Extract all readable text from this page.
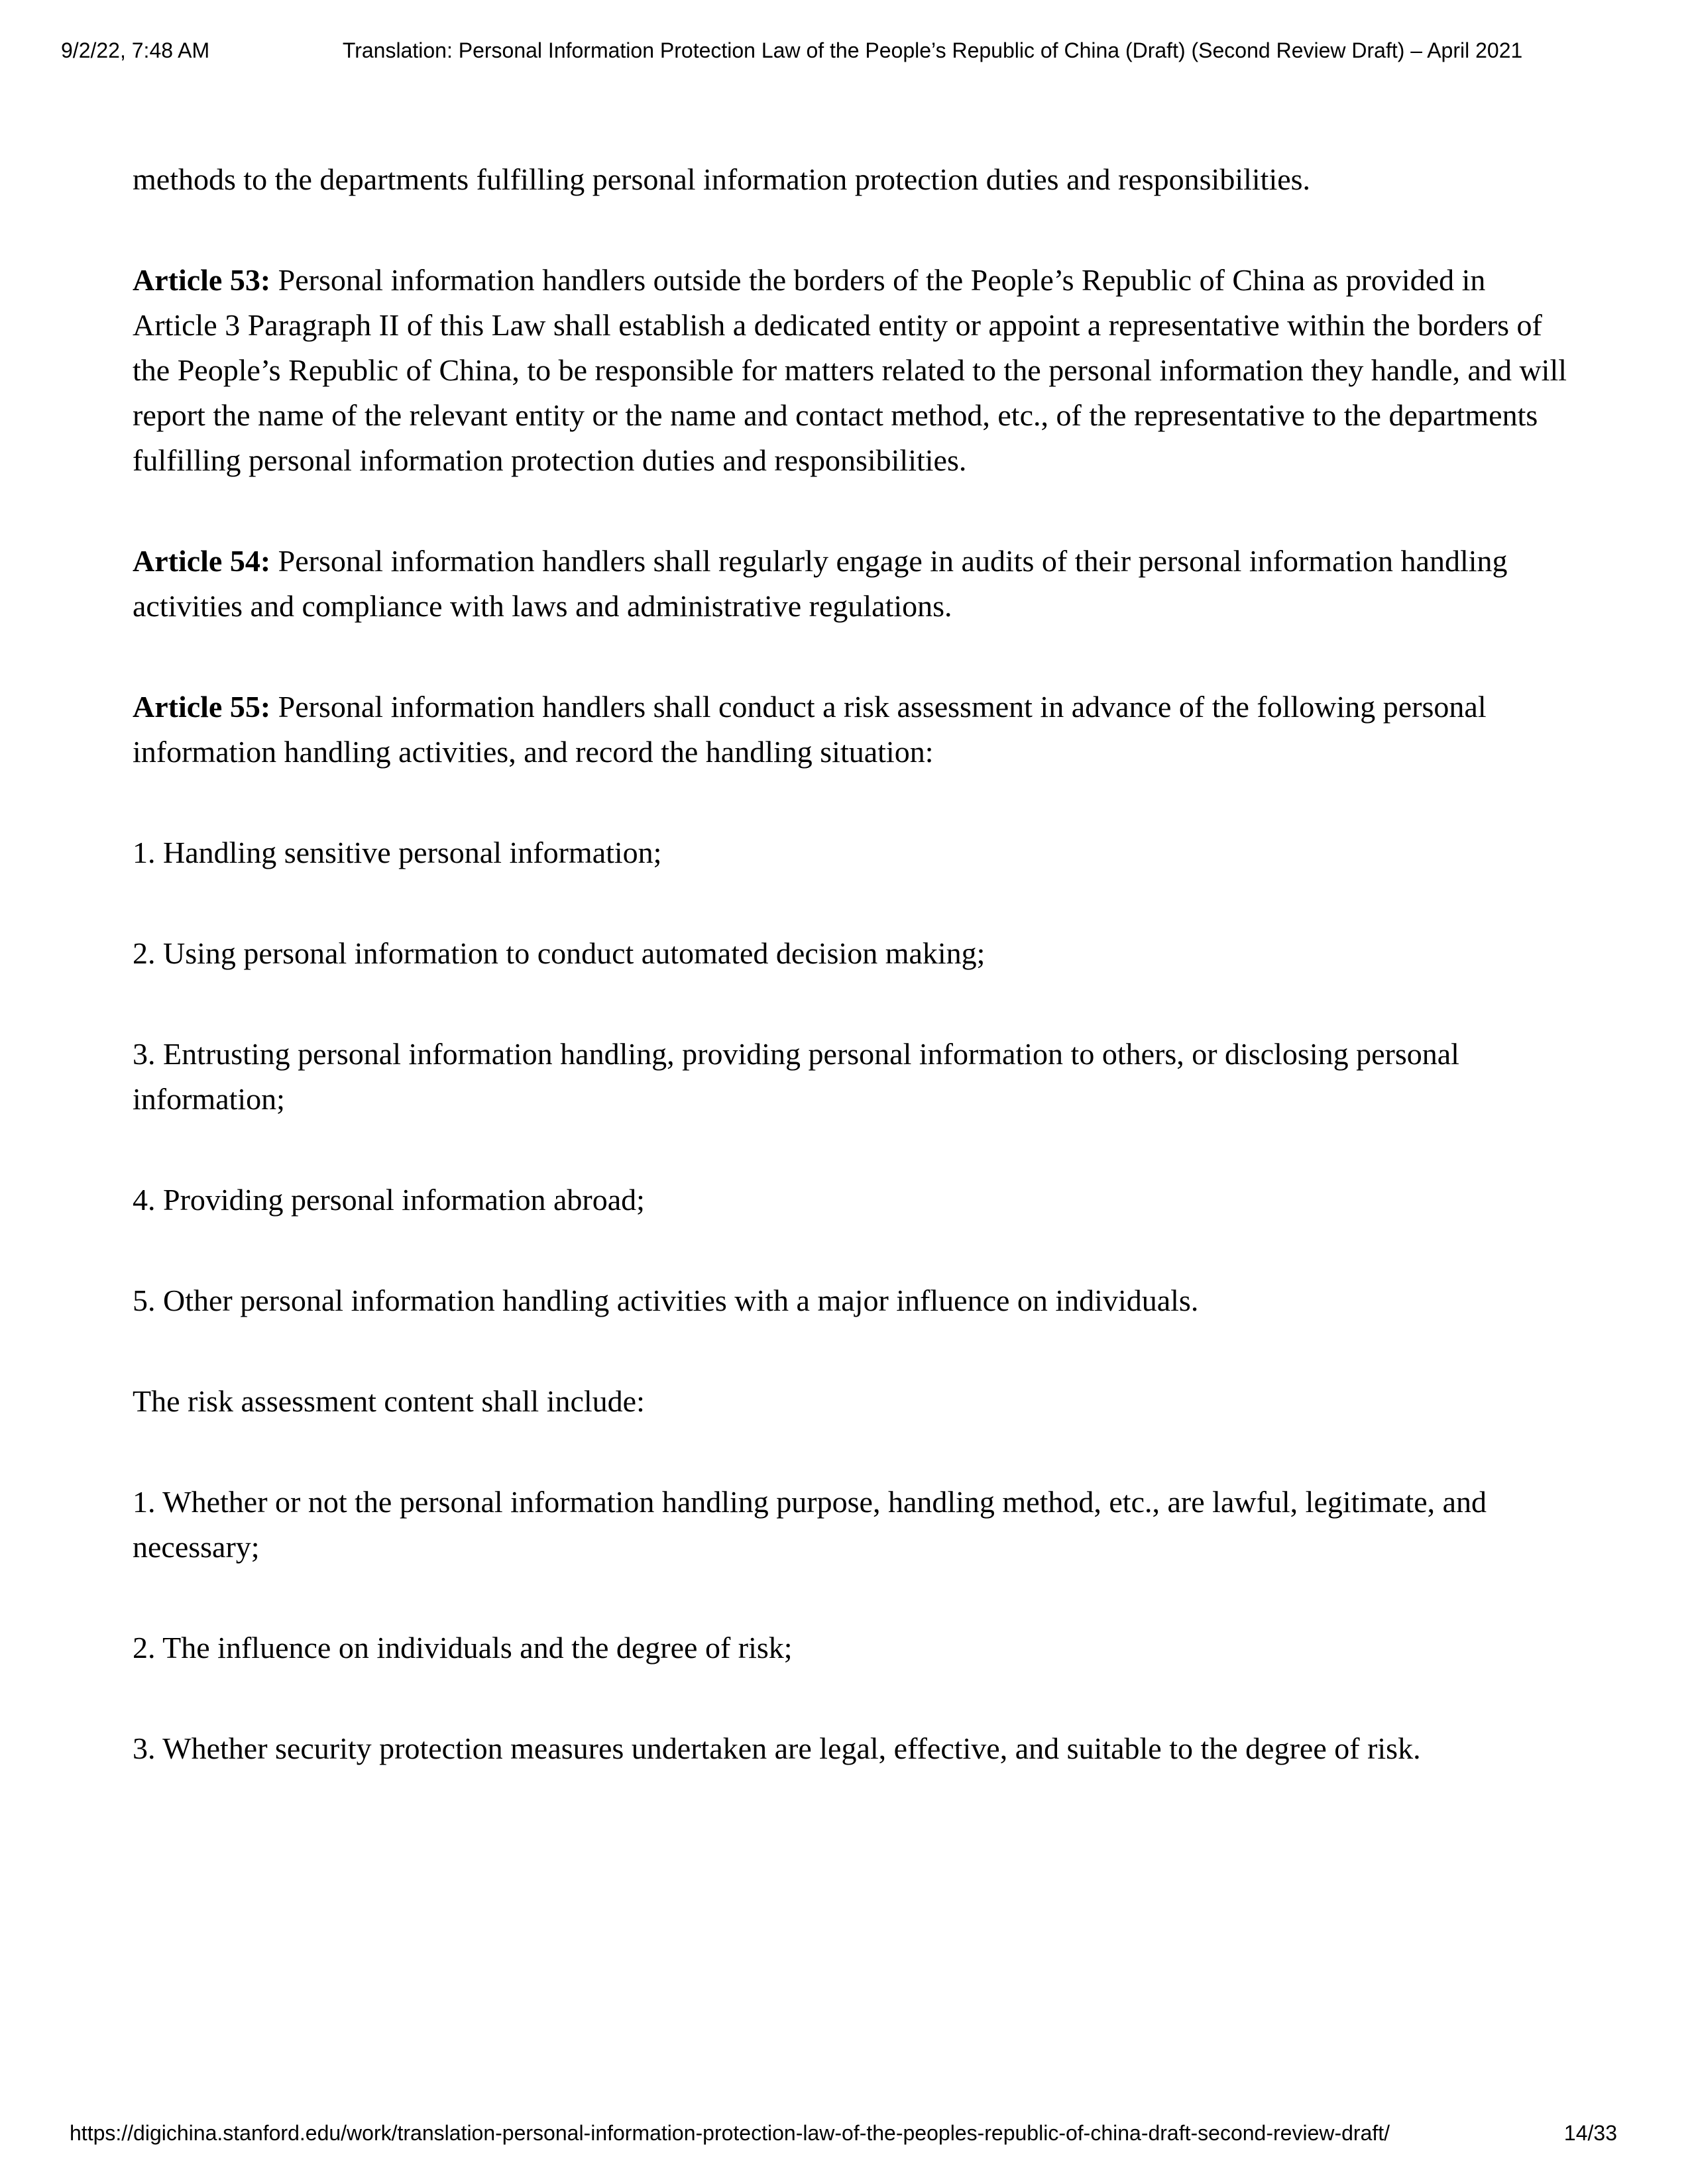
9/2/22, 7:48 AM	Translation: Personal Information Protection Law of the People’s Republic of China (Draft) (Second Review Draft) – April 2021

methods to the departments fulfilling personal information protection duties and responsibilities.

Article 53: Personal information handlers outside the borders of the People’s Republic of China as provided in Article 3 Paragraph II of this Law shall establish a dedicated entity or appoint a representative within the borders of the People’s Republic of China, to be responsible for matters related to the personal information they handle, and will report the name of the relevant entity or the name and contact method, etc., of the representative to the departments fulfilling personal information protection duties and responsibilities.

Article 54: Personal information handlers shall regularly engage in audits of their personal information handling activities and compliance with laws and administrative regulations.

Article 55: Personal information handlers shall conduct a risk assessment in advance of the following personal information handling activities, and record the handling situation:

1. Handling sensitive personal information;

2. Using personal information to conduct automated decision making;

3. Entrusting personal information handling, providing personal information to others, or disclosing personal information;

4. Providing personal information abroad;

5. Other personal information handling activities with a major influence on individuals.

The risk assessment content shall include:

1. Whether or not the personal information handling purpose, handling method, etc., are lawful, legitimate, and necessary;

2. The influence on individuals and the degree of risk;

3. Whether security protection measures undertaken are legal, effective, and suitable to the degree of risk.

https://digichina.stanford.edu/work/translation-personal-information-protection-law-of-the-peoples-republic-of-china-draft-second-review-draft/	14/33
